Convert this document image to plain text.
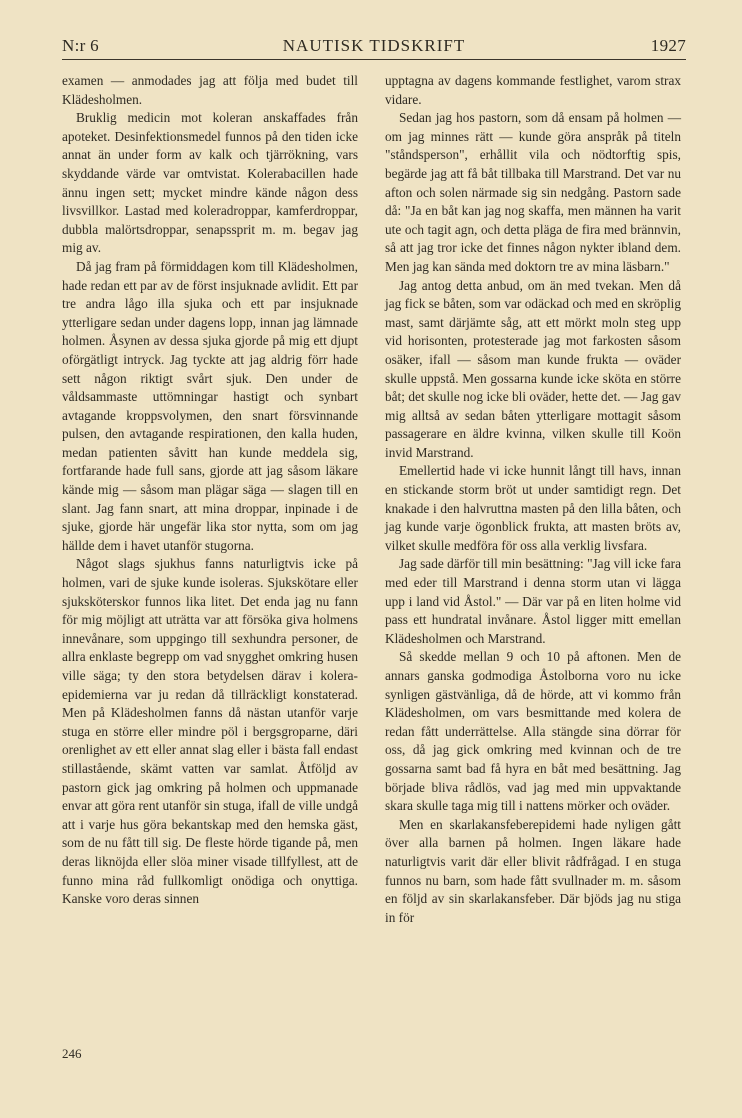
N:r 6	NAUTISK TIDSKRIFT	1927

examen — anmodades jag att följa med budet till Klädesholmen.

Bruklig medicin mot koleran anskaffades från apoteket. Desinfektionsmedel funnos på den tiden icke annat än under form av kalk och tjärrökning, vars skyddande värde var omtvistat. Kolerabacillen hade ännu ingen sett; mycket mindre kände någon dess livsvillkor. Lastad med koleradroppar, kamferdroppar, dubbla malörtsdroppar, senapssprit m. m. begav jag mig av.

Då jag fram på förmiddagen kom till Klädesholmen, hade redan ett par av de först insjuknade avlidit. Ett par tre andra lågo illa sjuka och ett par insjuknade ytterligare sedan under dagens lopp, innan jag lämnade holmen. Åsynen av dessa sjuka gjorde på mig ett djupt oförgätligt intryck. Jag tyckte att jag aldrig förr hade sett någon riktigt svårt sjuk. Den under de våldsammaste uttömningar hastigt och synbart avtagande kroppsvolymen, den snart försvinnande pulsen, den avtagande respirationen, den kalla huden, medan patienten såvitt han kunde meddela sig, fortfarande hade full sans, gjorde att jag såsom läkare kände mig — såsom man plägar säga — slagen till en slant. Jag fann snart, att mina droppar, inpinade i de sjuke, gjorde här ungefär lika stor nytta, som om jag hällde dem i havet utanför stugorna.

Något slags sjukhus fanns naturligtvis icke på holmen, vari de sjuke kunde isoleras. Sjukskötare eller sjuksköterskor funnos lika litet. Det enda jag nu fann för mig möjligt att uträtta var att försöka giva holmens innevånare, som uppgingo till sexhundra personer, de allra enklaste begrepp om vad snygghet omkring husen ville säga; ty den stora betydelsen därav i kolera-epidemierna var ju redan då tillräckligt konstaterad. Men på Klädesholmen fanns då nästan utanför varje stuga en större eller mindre pöl i bergsgroparne, däri orenlighet av ett eller annat slag eller i bästa fall endast stillastående, skämt vatten var samlat. Åtföljd av pastorn gick jag omkring på holmen och uppmanade envar att göra rent utanför sin stuga, ifall de ville undgå att i varje hus göra bekantskap med den hemska gäst, som de nu fått till sig. De fleste hörde tigande på, men deras liknöjda eller slöa miner visade tillfyllest, att de funno mina råd fullkomligt onödiga och onyttiga. Kanske voro deras sinnen

upptagna av dagens kommande festlighet, varom strax vidare.

Sedan jag hos pastorn, som då ensam på holmen — om jag minnes rätt — kunde göra anspråk på titeln "ståndsperson", erhållit vila och nödtorftig spis, begärde jag att få båt tillbaka till Marstrand. Det var nu afton och solen närmade sig sin nedgång. Pastorn sade då: "Ja en båt kan jag nog skaffa, men männen ha varit ute och tagit agn, och detta pläga de fira med brännvin, så att jag tror icke det finnes någon nykter ibland dem. Men jag kan sända med doktorn tre av mina läsbarn."

Jag antog detta anbud, om än med tvekan. Men då jag fick se båten, som var odäckad och med en skröplig mast, samt därjämte såg, att ett mörkt moln steg upp vid horisonten, protesterade jag mot farkosten såsom osäker, ifall — såsom man kunde frukta — oväder skulle uppstå. Men gossarna kunde icke sköta en större båt; det skulle nog icke bli oväder, hette det. — Jag gav mig alltså av sedan båten ytterligare mottagit såsom passagerare en äldre kvinna, vilken skulle till Koön invid Marstrand.

Emellertid hade vi icke hunnit långt till havs, innan en stickande storm bröt ut under samtidigt regn. Det knakade i den halvruttna masten på den lilla båten, och jag kunde varje ögonblick frukta, att masten bröts av, vilket skulle medföra för oss alla verklig livsfara.

Jag sade därför till min besättning: "Jag vill icke fara med eder till Marstrand i denna storm utan vi lägga upp i land vid Åstol." — Där var på en liten holme vid pass ett hundratal invånare. Åstol ligger mitt emellan Klädesholmen och Marstrand.

Så skedde mellan 9 och 10 på aftonen. Men de annars ganska godmodiga Åstolborna voro nu icke synligen gästvänliga, då de hörde, att vi kommo från Klädesholmen, om vars besmittande med kolera de redan fått underrättelse. Alla stängde sina dörrar för oss, då jag gick omkring med kvinnan och de tre gossarna samt bad få hyra en båt med besättning. Jag började bliva rådlös, vad jag med min uppvaktande skara skulle taga mig till i nattens mörker och oväder.

Men en skarlakansfeberepidemi hade nyligen gått över alla barnen på holmen. Ingen läkare hade naturligtvis varit där eller blivit rådfrågad. I en stuga funnos nu barn, som hade fått svullnader m. m. såsom en följd av sin skarlakansfeber. Där bjöds jag nu stiga in för

246
